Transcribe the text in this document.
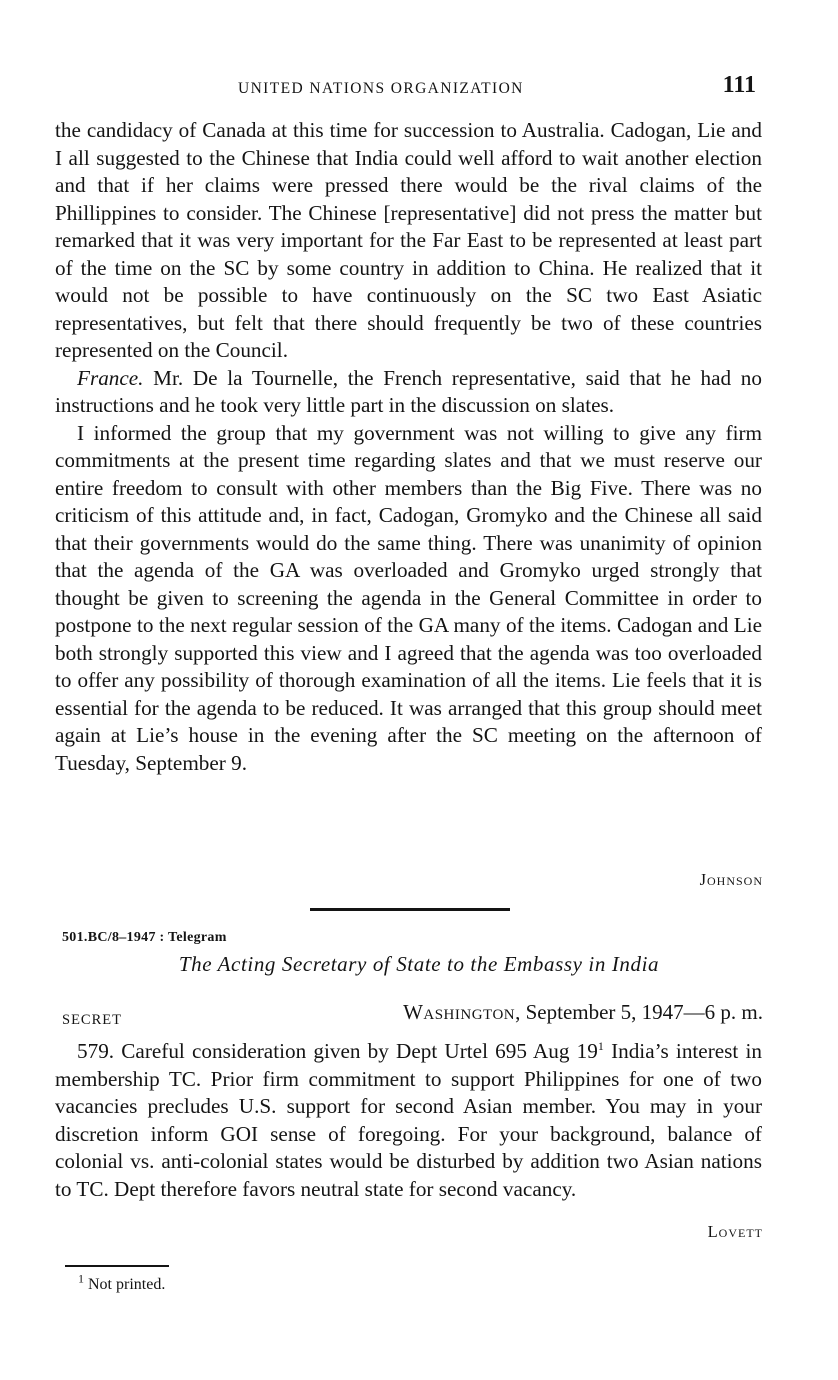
UNITED NATIONS ORGANIZATION	111

the candidacy of Canada at this time for succession to Australia. Cadogan, Lie and I all suggested to the Chinese that India could well afford to wait another election and that if her claims were pressed there would be the rival claims of the Phillippines to consider. The Chinese [representative] did not press the matter but remarked that it was very important for the Far East to be represented at least part of the time on the SC by some country in addition to China. He realized that it would not be possible to have continuously on the SC two East Asiatic representatives, but felt that there should frequently be two of these countries represented on the Council.

France. Mr. De la Tournelle, the French representative, said that he had no instructions and he took very little part in the discussion on slates.

I informed the group that my government was not willing to give any firm commitments at the present time regarding slates and that we must reserve our entire freedom to consult with other members than the Big Five. There was no criticism of this attitude and, in fact, Cadogan, Gromyko and the Chinese all said that their governments would do the same thing. There was unanimity of opinion that the agenda of the GA was overloaded and Gromyko urged strongly that thought be given to screening the agenda in the General Committee in order to postpone to the next regular session of the GA many of the items. Cadogan and Lie both strongly supported this view and I agreed that the agenda was too overloaded to offer any possibility of thorough examination of all the items. Lie feels that it is essential for the agenda to be reduced. It was arranged that this group should meet again at Lie’s house in the evening after the SC meeting on the afternoon of Tuesday, September 9.

Johnson
501.BC/8–1947 : Telegram
The Acting Secretary of State to the Embassy in India
SECRET	Washington, September 5, 1947—6 p. m.

579. Careful consideration given by Dept Urtel 695 Aug $19^1$ India’s interest in membership TC. Prior firm commitment to support Philippines for one of two vacancies precludes U.S. support for second Asian member. You may in your discretion inform GOI sense of foregoing. For your background, balance of colonial vs. anti-colonial states would be disturbed by addition two Asian nations to TC. Dept therefore favors neutral state for second vacancy.

Lovett
$^1$ Not printed.
